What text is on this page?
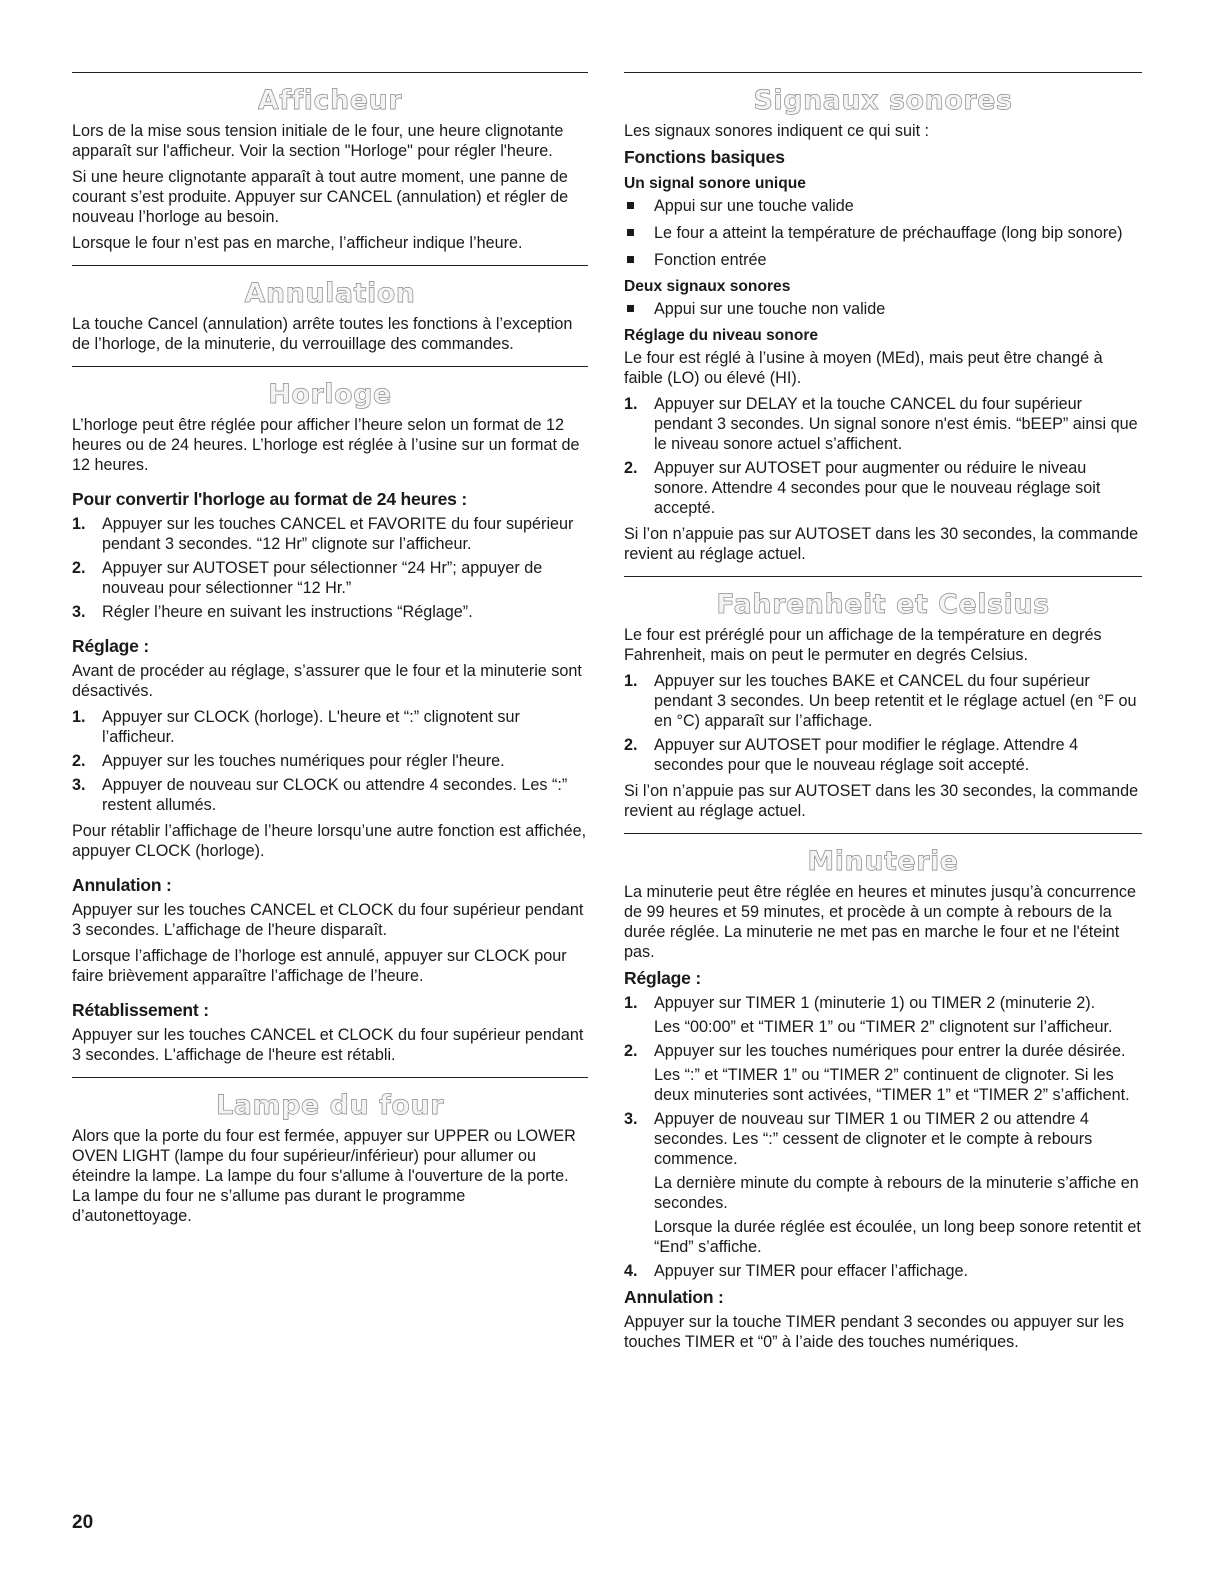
Afficheur

Lors de la mise sous tension initiale de le four, une heure clignotante apparaît sur l'afficheur. Voir la section "Horloge" pour régler l'heure.

Si une heure clignotante apparaît à tout autre moment, une panne de courant s’est produite. Appuyer sur CANCEL (annulation) et régler de nouveau l’horloge au besoin.

Lorsque le four n’est pas en marche, l’afficheur indique l’heure.

Annulation

La touche Cancel (annulation) arrête toutes les fonctions à l’exception de l’horloge, de la minuterie, du verrouillage des commandes.

Horloge

L’horloge peut être réglée pour afficher l’heure selon un format de 12 heures ou de 24 heures. L’horloge est réglée à l’usine sur un format de 12 heures.

Pour convertir l'horloge au format de 24 heures :
1. Appuyer sur les touches CANCEL et FAVORITE du four supérieur pendant 3 secondes. “12 Hr” clignote sur l’afficheur.
2. Appuyer sur AUTOSET pour sélectionner “24 Hr”; appuyer de nouveau pour sélectionner “12 Hr.”
3. Régler l’heure en suivant les instructions “Réglage”.
Réglage :

Avant de procéder au réglage, s’assurer que le four et la minuterie sont désactivés.

1. Appuyer sur CLOCK (horloge). L'heure et “:” clignotent sur l’afficheur.
2. Appuyer sur les touches numériques pour régler l'heure.
3. Appuyer de nouveau sur CLOCK ou attendre 4 secondes. Les “:” restent allumés.

Pour rétablir l’affichage de l’heure lorsqu’une autre fonction est affichée, appuyer CLOCK (horloge).

Annulation :

Appuyer sur les touches CANCEL et CLOCK du four supérieur pendant 3 secondes. L’affichage de l'heure disparaît.

Lorsque l’affichage de l’horloge est annulé, appuyer sur CLOCK pour faire brièvement apparaître l’affichage de l’heure.

Rétablissement :

Appuyer sur les touches CANCEL et CLOCK du four supérieur pendant 3 secondes. L'affichage de l'heure est rétabli.

Lampe du four

Alors que la porte du four est fermée, appuyer sur UPPER ou LOWER OVEN LIGHT (lampe du four supérieur/inférieur) pour allumer ou éteindre la lampe. La lampe du four s'allume à l'ouverture de la porte. La lampe du four ne s’allume pas durant le programme d’autonettoyage.

Signaux sonores

Les signaux sonores indiquent ce qui suit :

Fonctions basiques
Un signal sonore unique
Appui sur une touche valide
Le four a atteint la température de préchauffage (long bip sonore)
Fonction entrée
Deux signaux sonores
Appui sur une touche non valide
Réglage du niveau sonore

Le four est réglé à l’usine à moyen (MEd), mais peut être changé à faible (LO) ou élevé (HI).

1. Appuyer sur DELAY et la touche CANCEL du four supérieur pendant 3 secondes. Un signal sonore n'est émis. “bEEP” ainsi que le niveau sonore actuel s’affichent.
2. Appuyer sur AUTOSET pour augmenter ou réduire le niveau sonore. Attendre 4 secondes pour que le nouveau réglage soit accepté.

Si l’on n’appuie pas sur AUTOSET dans les 30 secondes, la commande revient au réglage actuel.

Fahrenheit et Celsius

Le four est préréglé pour un affichage de la température en degrés Fahrenheit, mais on peut le permuter en degrés Celsius.

1. Appuyer sur les touches BAKE et CANCEL du four supérieur pendant 3 secondes. Un beep retentit et le réglage actuel (en °F ou en °C) apparaît sur l’affichage.
2. Appuyer sur AUTOSET pour modifier le réglage. Attendre 4 secondes pour que le nouveau réglage soit accepté.

Si l’on n’appuie pas sur AUTOSET dans les 30 secondes, la commande revient au réglage actuel.

Minuterie

La minuterie peut être réglée en heures et minutes jusqu’à concurrence de 99 heures et 59 minutes, et procède à un compte à rebours de la durée réglée. La minuterie ne met pas en marche le four et ne l'éteint pas.

Réglage :
1. Appuyer sur TIMER 1 (minuterie 1) ou TIMER 2 (minuterie 2).
Les “00:00” et “TIMER 1” ou “TIMER 2” clignotent sur l’afficheur.
2. Appuyer sur les touches numériques pour entrer la durée désirée.
Les “:” et “TIMER 1” ou “TIMER 2” continuent de clignoter. Si les deux minuteries sont activées, “TIMER 1” et “TIMER 2” s’affichent.
3. Appuyer de nouveau sur TIMER 1 ou TIMER 2 ou attendre 4 secondes. Les “:” cessent de clignoter et le compte à rebours commence.
La dernière minute du compte à rebours de la minuterie s’affiche en secondes.
Lorsque la durée réglée est écoulée, un long beep sonore retentit et “End” s’affiche.
4. Appuyer sur TIMER pour effacer l’affichage.
Annulation :

Appuyer sur la touche TIMER pendant 3 secondes ou appuyer sur les touches TIMER et “0” à l’aide des touches numériques.

20
